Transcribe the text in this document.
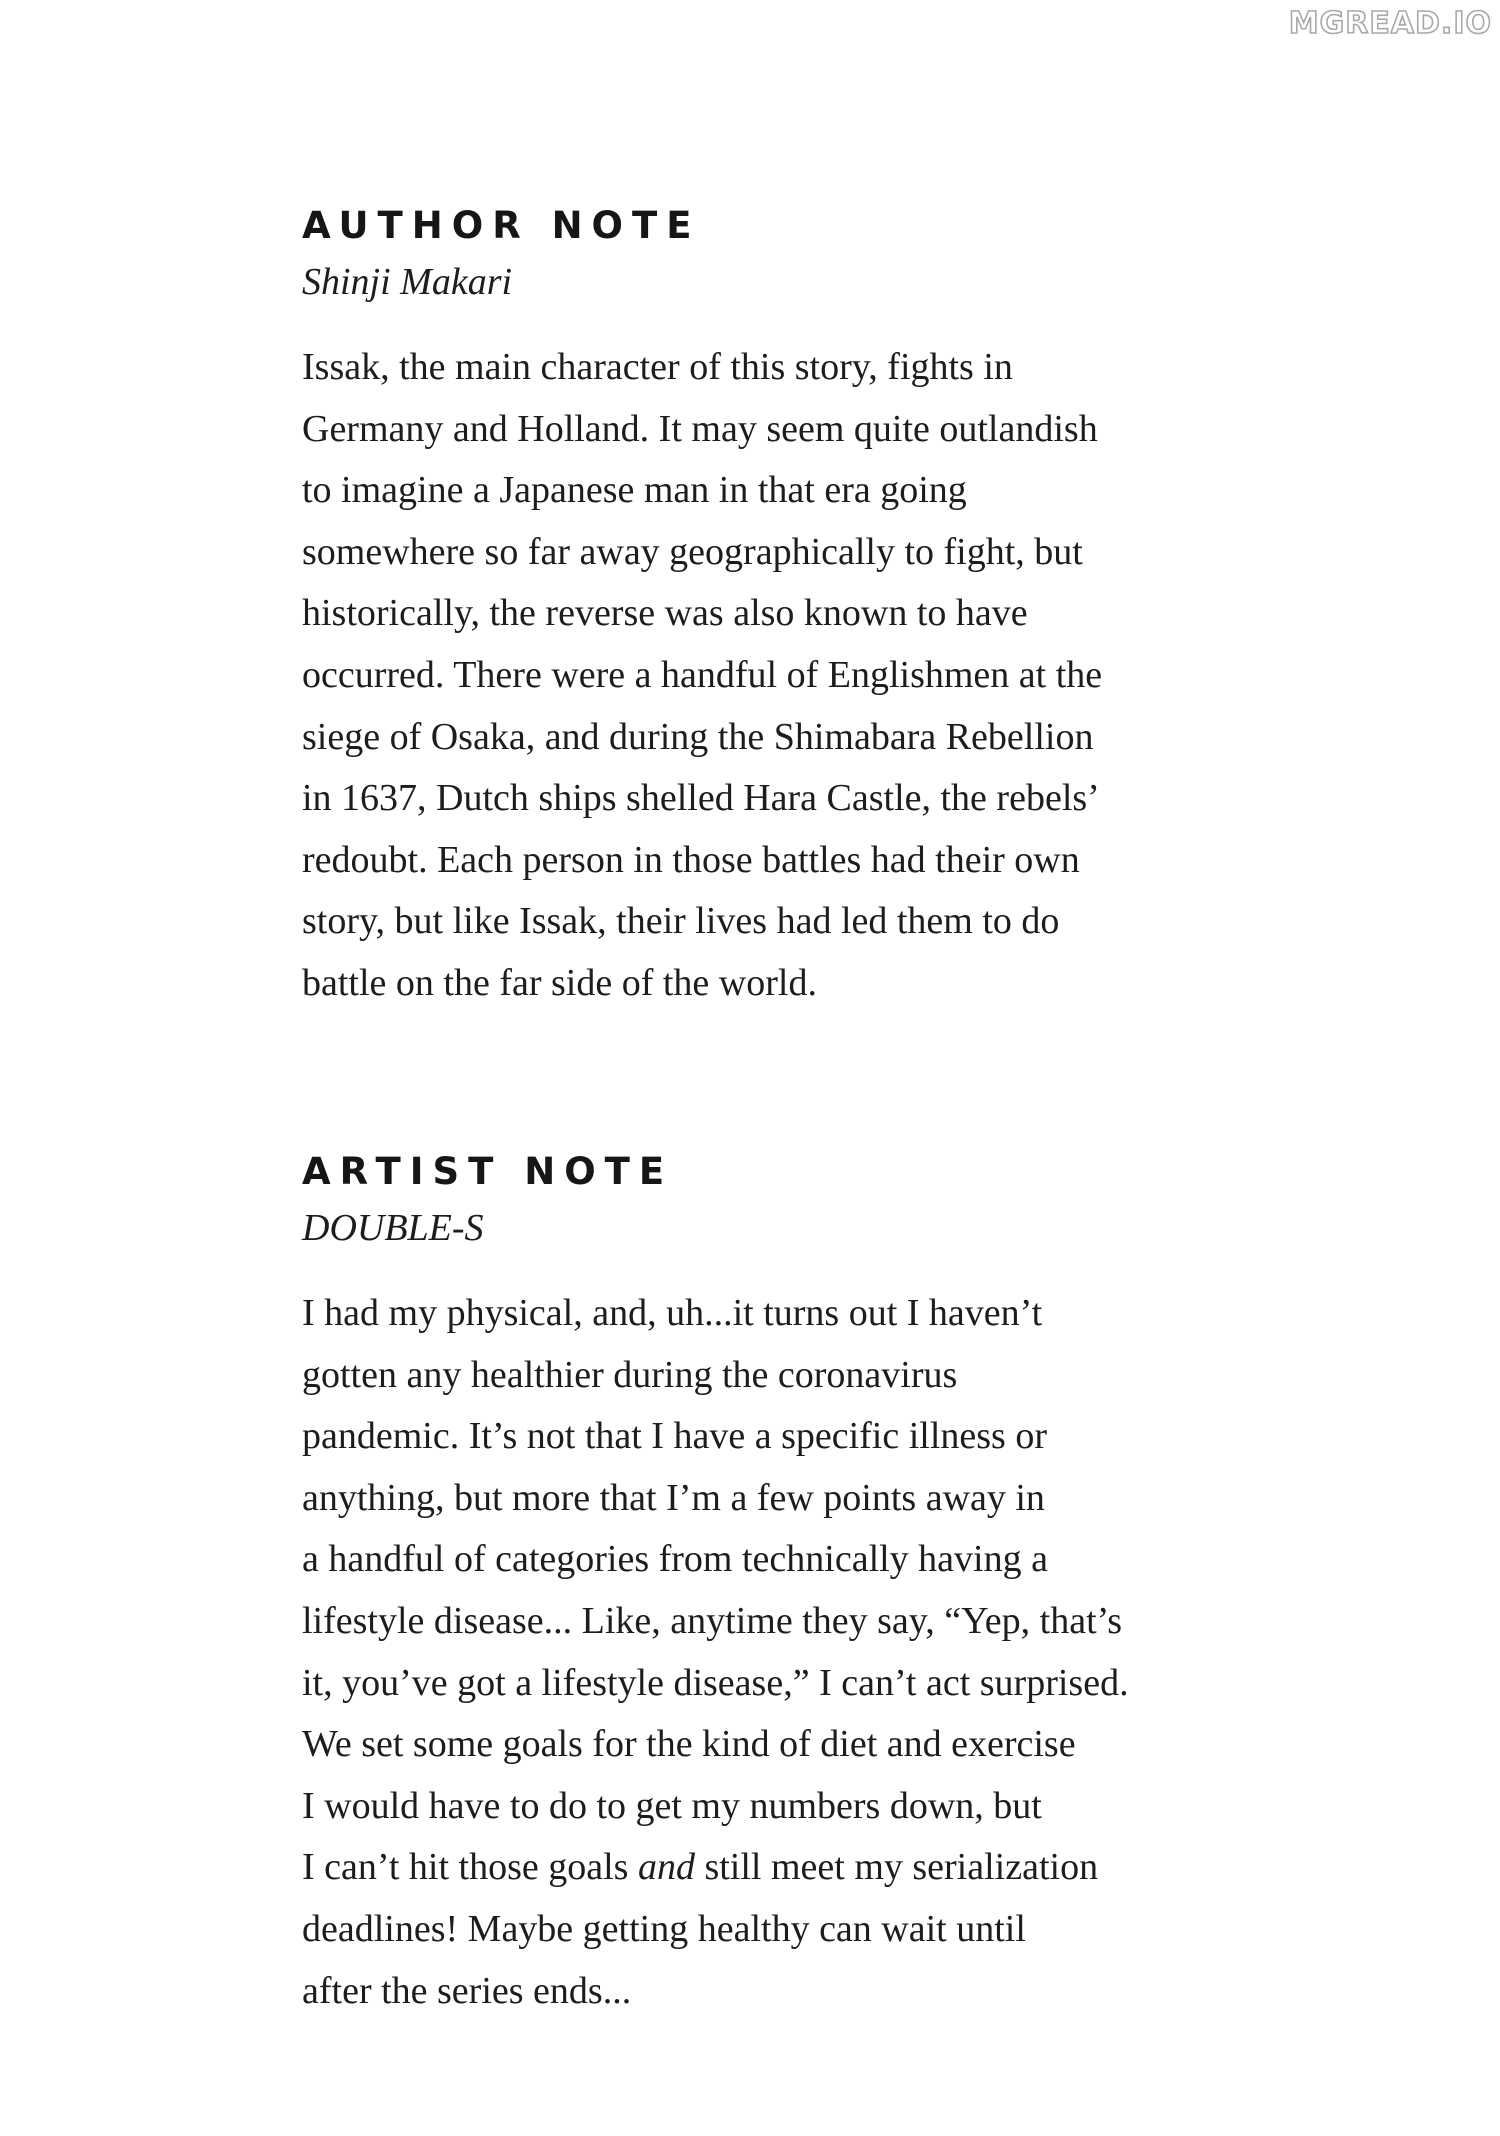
MGREAD.IO
AUTHOR NOTE
Shinji Makari
Issak, the main character of this story, fights in
Germany and Holland. It may seem quite outlandish
to imagine a Japanese man in that era going
somewhere so far away geographically to fight, but
historically, the reverse was also known to have
occurred. There were a handful of Englishmen at the
siege of Osaka, and during the Shimabara Rebellion
in 1637, Dutch ships shelled Hara Castle, the rebels’
redoubt. Each person in those battles had their own
story, but like Issak, their lives had led them to do
battle on the far side of the world.
ARTIST NOTE
DOUBLE-S
I had my physical, and, uh...it turns out I haven’t
gotten any healthier during the coronavirus
pandemic. It’s not that I have a specific illness or
anything, but more that I’m a few points away in
a handful of categories from technically having a
lifestyle disease... Like, anytime they say, “Yep, that’s
it, you’ve got a lifestyle disease,” I can’t act surprised.
We set some goals for the kind of diet and exercise
I would have to do to get my numbers down, but
I can’t hit those goals and still meet my serialization
deadlines! Maybe getting healthy can wait until
after the series ends...
